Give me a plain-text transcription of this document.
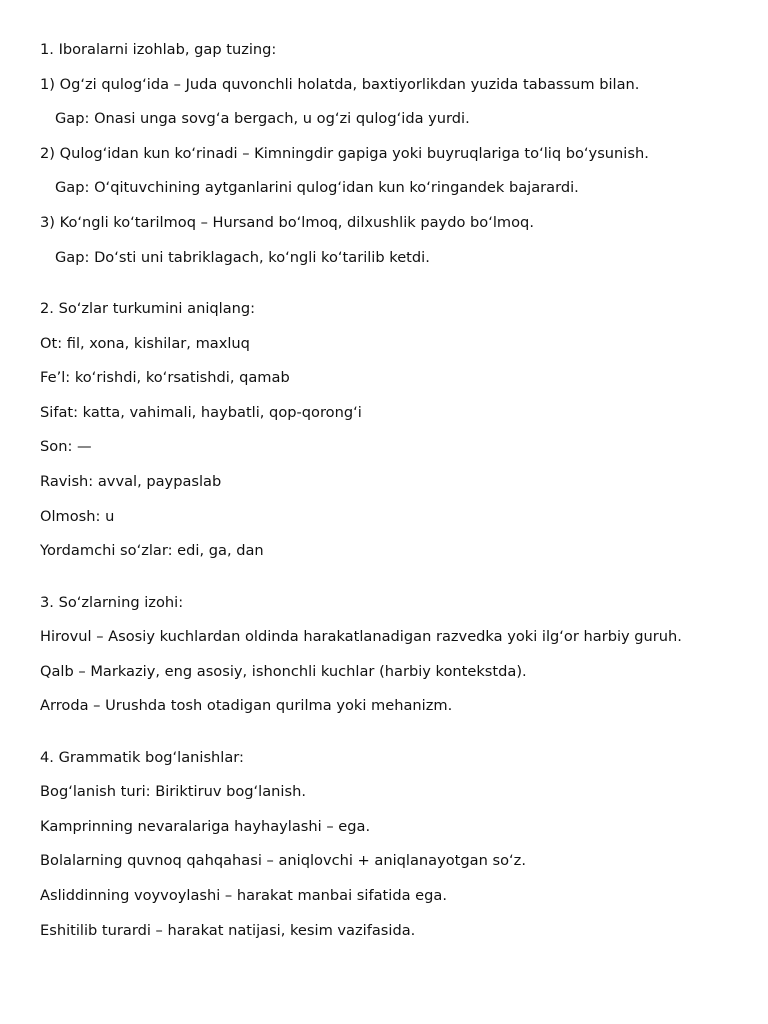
1. Iboralarni izohlab, gap tuzing:
1) Og‘zi qulog‘ida – Juda quvonchli holatda, baxtiyorlikdan yuzida tabassum bilan.
Gap: Onasi unga sovg‘a bergach, u og‘zi qulog‘ida yurdi.
2) Qulog‘idan kun ko‘rinadi – Kimningdir gapiga yoki buyruqlariga to‘liq bo‘ysunish.
Gap: O‘qituvchining aytganlarini qulog‘idan kun ko‘ringandek bajarardi.
3) Ko‘ngli ko‘tarilmoq – Hursand bo‘lmoq, dilxushlik paydo bo‘lmoq.
Gap: Do‘sti uni tabriklagach, ko‘ngli ko‘tarilib ketdi.
2. So‘zlar turkumini aniqlang:
Ot: fil, xona, kishilar, maxluq
Fe’l: ko‘rishdi, ko‘rsatishdi, qamab
Sifat: katta, vahimali, haybatli, qop-qorong‘i
Son: —
Ravish: avval, paypaslab
Olmosh: u
Yordamchi so‘zlar: edi, ga, dan
3. So‘zlarning izohi:
Hirovul – Asosiy kuchlardan oldinda harakatlanadigan razvedka yoki ilg‘or harbiy guruh.
Qalb – Markaziy, eng asosiy, ishonchli kuchlar (harbiy kontekstda).
Arroda – Urushda tosh otadigan qurilma yoki mehanizm.
4. Grammatik bog‘lanishlar:
Bog‘lanish turi: Biriktiruv bog‘lanish.
Kamprinning nevaralariga hayhaylashi – ega.
Bolalarning quvnoq qahqahasi – aniqlovchi + aniqlanayotgan so‘z.
Asliddinning voyvoylashi – harakat manbai sifatida ega.
Eshitilib turardi – harakat natijasi, kesim vazifasida.
